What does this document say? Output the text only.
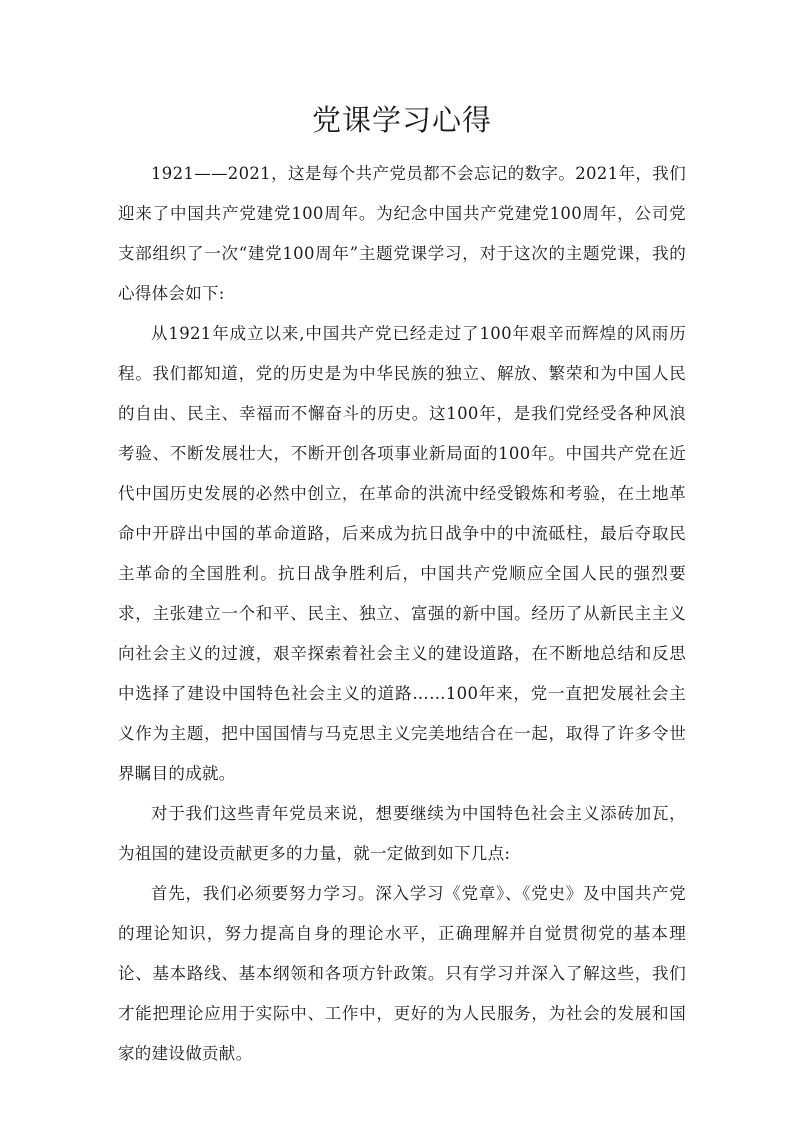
党课学习心得

1921——2021，这是每个共产党员都不会忘记的数字。2021年，我们迎来了中国共产党建党100周年。为纪念中国共产党建党100周年，公司党支部组织了一次“建党100周年”主题党课学习，对于这次的主题党课，我的心得体会如下:

从1921年成立以来,中国共产党已经走过了100年艰辛而辉煌的风雨历程。我们都知道，党的历史是为中华民族的独立、解放、繁荣和为中国人民的自由、民主、幸福而不懈奋斗的历史。这100年，是我们党经受各种风浪考验、不断发展壮大，不断开创各项事业新局面的100年。中国共产党在近代中国历史发展的必然中创立，在革命的洪流中经受锻炼和考验，在土地革命中开辟出中国的革命道路，后来成为抗日战争中的中流砥柱，最后夺取民主革命的全国胜利。抗日战争胜利后，中国共产党顺应全国人民的强烈要求，主张建立一个和平、民主、独立、富强的新中国。经历了从新民主主义向社会主义的过渡，艰辛探索着社会主义的建设道路，在不断地总结和反思中选择了建设中国特色社会主义的道路……100年来，党一直把发展社会主义作为主题，把中国国情与马克思主义完美地结合在一起，取得了许多令世界瞩目的成就。

对于我们这些青年党员来说，想要继续为中国特色社会主义添砖加瓦，为祖国的建设贡献更多的力量，就一定做到如下几点:

首先，我们必须要努力学习。深入学习《党章》、《党史》及中国共产党的理论知识，努力提高自身的理论水平，正确理解并自觉贯彻党的基本理论、基本路线、基本纲领和各项方针政策。只有学习并深入了解这些，我们才能把理论应用于实际中、工作中，更好的为人民服务，为社会的发展和国家的建设做贡献。
